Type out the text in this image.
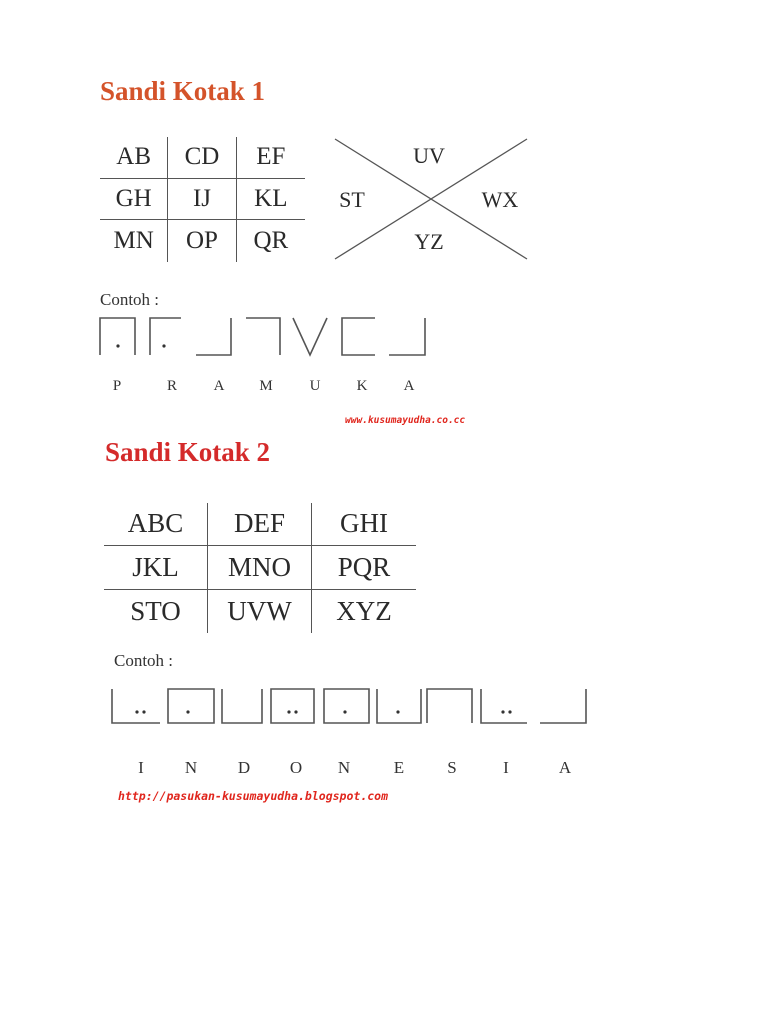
Sandi Kotak 1
AB	CD	EF
GH	IJ	KL
MN	OP	QR
UV
ST	WX
YZ
Contoh :
P	R A M U K A
www.kusumayudha.co.cc
Sandi Kotak 2
ABC	DEF	GHI
JKL	MNO	PQR
STO	UVW	XYZ
Contoh :
I N D O N	E	S	I	A
http://pasukan-kusumayudha.blogspot.com
